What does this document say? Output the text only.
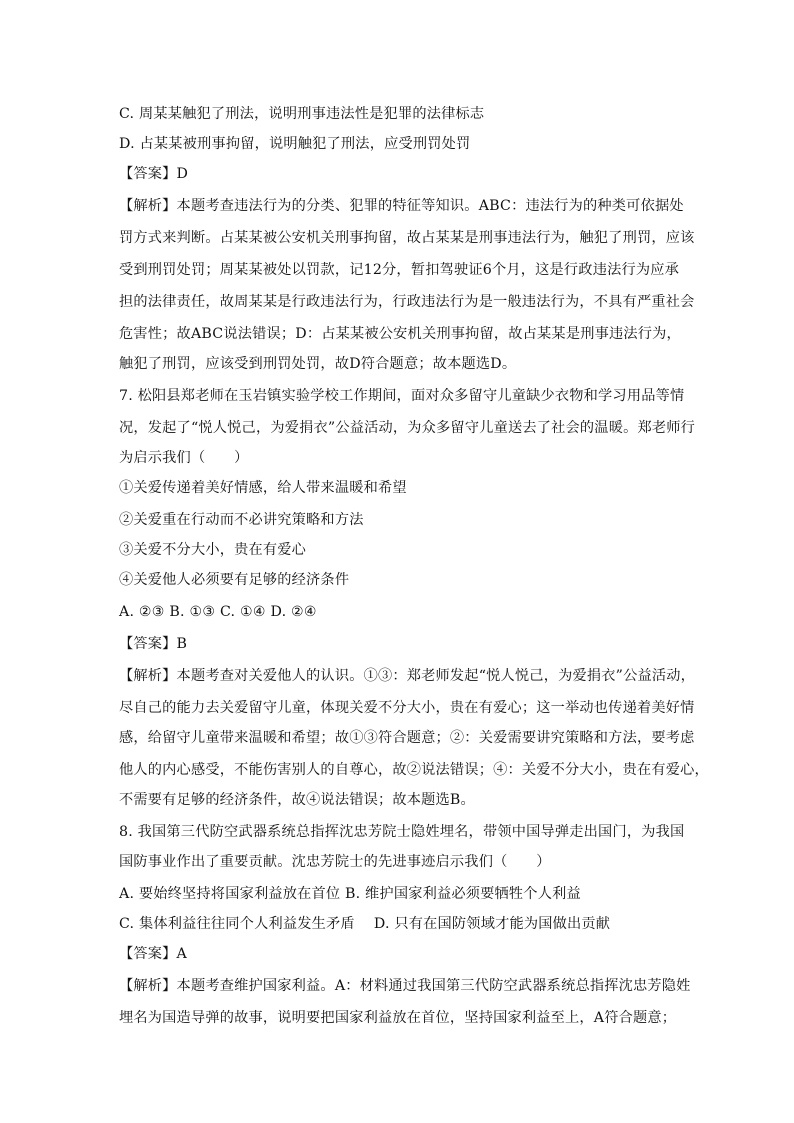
C. 周某某触犯了刑法，说明刑事违法性是犯罪的法律标志
D. 占某某被刑事拘留，说明触犯了刑法，应受刑罚处罚
【答案】D
【解析】本题考查违法行为的分类、犯罪的特征等知识。ABC：违法行为的种类可依据处
罚方式来判断。占某某被公安机关刑事拘留，故占某某是刑事违法行为，触犯了刑罚，应该
受到刑罚处罚；周某某被处以罚款，记12分，暂扣驾驶证6个月，这是行政违法行为应承
担的法律责任，故周某某是行政违法行为，行政违法行为是一般违法行为，不具有严重社会
危害性；故ABC说法错误；D：占某某被公安机关刑事拘留，故占某某是刑事违法行为，
触犯了刑罚，应该受到刑罚处罚，故D符合题意；故本题选D。
7. 松阳县郑老师在玉岩镇实验学校工作期间，面对众多留守儿童缺少衣物和学习用品等情
况，发起了“悦人悦己，为爱捐衣”公益活动，为众多留守儿童送去了社会的温暖。郑老师行
为启示我们（　　）
①关爱传递着美好情感，给人带来温暖和希望
②关爱重在行动而不必讲究策略和方法
③关爱不分大小，贵在有爱心
④关爱他人必须要有足够的经济条件
A. ②③ B. ①③ C. ①④ D. ②④
【答案】B
【解析】本题考查对关爱他人的认识。①③：郑老师发起“悦人悦己，为爱捐衣”公益活动，
尽自己的能力去关爱留守儿童，体现关爱不分大小，贵在有爱心；这一举动也传递着美好情
感，给留守儿童带来温暖和希望；故①③符合题意；②：关爱需要讲究策略和方法，要考虑
他人的内心感受，不能伤害别人的自尊心，故②说法错误；④：关爱不分大小，贵在有爱心，
不需要有足够的经济条件，故④说法错误；故本题选B。
8. 我国第三代防空武器系统总指挥沈忠芳院士隐姓埋名，带领中国导弹走出国门，为我国
国防事业作出了重要贡献。沈忠芳院士的先进事迹启示我们（　　）
A. 要始终坚持将国家利益放在首位 B. 维护国家利益必须要牺牲个人利益
C. 集体利益往往同个人利益发生矛盾　 D. 只有在国防领域才能为国做出贡献
【答案】A
【解析】本题考查维护国家利益。A：材料通过我国第三代防空武器系统总指挥沈忠芳隐姓
埋名为国造导弹的故事，说明要把国家利益放在首位，坚持国家利益至上，A符合题意；
